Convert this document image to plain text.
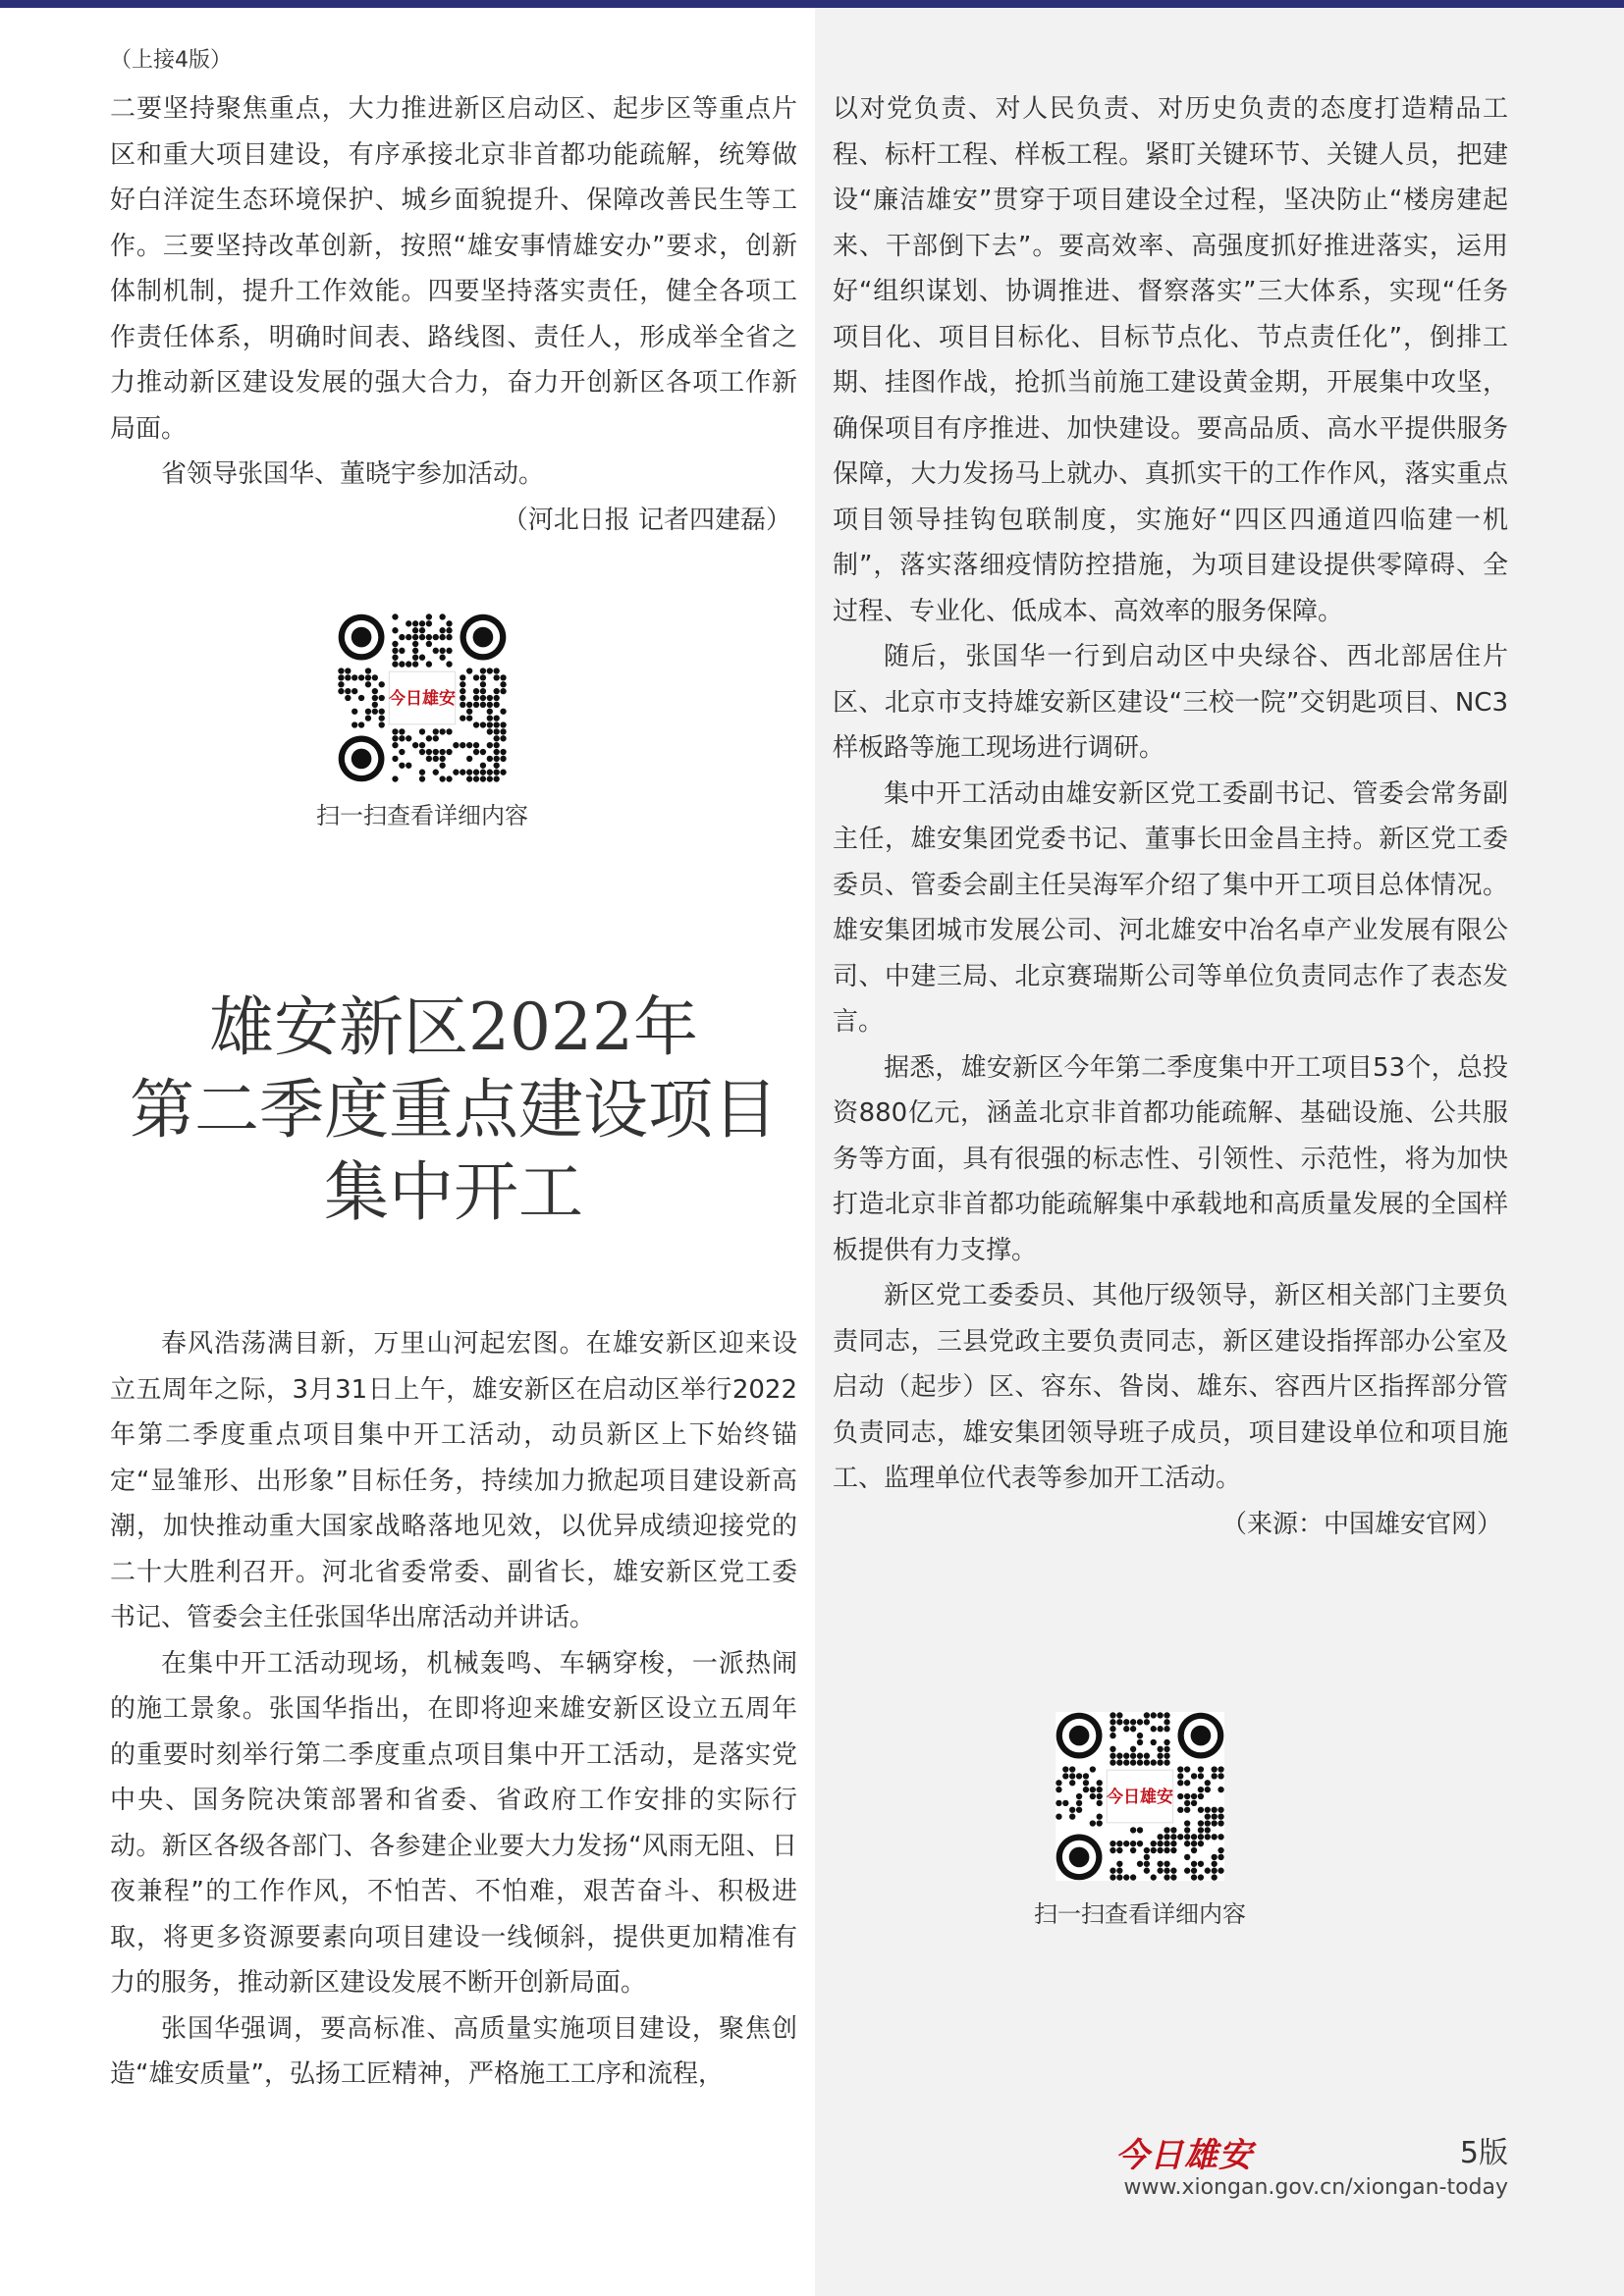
（上接4版）

二要坚持聚焦重点，大力推进新区启动区、起步区等重点片区和重大项目建设，有序承接北京非首都功能疏解，统筹做好白洋淀生态环境保护、城乡面貌提升、保障改善民生等工作。三要坚持改革创新，按照“雄安事情雄安办”要求，创新体制机制，提升工作效能。四要坚持落实责任，健全各项工作责任体系，明确时间表、路线图、责任人，形成举全省之力推动新区建设发展的强大合力，奋力开创新区各项工作新局面。

省领导张国华、董晓宇参加活动。

（河北日报 记者四建磊）

今日雄安
扫一扫查看详细内容
雄安新区2022年
第二季度重点建设项目
集中开工

春风浩荡满目新，万里山河起宏图。在雄安新区迎来设立五周年之际，3月31日上午，雄安新区在启动区举行2022年第二季度重点项目集中开工活动，动员新区上下始终锚定“显雏形、出形象”目标任务，持续加力掀起项目建设新高潮，加快推动重大国家战略落地见效，以优异成绩迎接党的二十大胜利召开。河北省委常委、副省长，雄安新区党工委书记、管委会主任张国华出席活动并讲话。

在集中开工活动现场，机械轰鸣、车辆穿梭，一派热闹的施工景象。张国华指出，在即将迎来雄安新区设立五周年的重要时刻举行第二季度重点项目集中开工活动，是落实党中央、国务院决策部署和省委、省政府工作安排的实际行动。新区各级各部门、各参建企业要大力发扬“风雨无阻、日夜兼程”的工作作风，不怕苦、不怕难，艰苦奋斗、积极进取，将更多资源要素向项目建设一线倾斜，提供更加精准有力的服务，推动新区建设发展不断开创新局面。

张国华强调，要高标准、高质量实施项目建设，聚焦创造“雄安质量”，弘扬工匠精神，严格施工工序和流程，

以对党负责、对人民负责、对历史负责的态度打造精品工程、标杆工程、样板工程。紧盯关键环节、关键人员，把建设“廉洁雄安”贯穿于项目建设全过程，坚决防止“楼房建起来、干部倒下去”。要高效率、高强度抓好推进落实，运用好“组织谋划、协调推进、督察落实”三大体系，实现“任务项目化、项目目标化、目标节点化、节点责任化”，倒排工期、挂图作战，抢抓当前施工建设黄金期，开展集中攻坚，确保项目有序推进、加快建设。要高品质、高水平提供服务保障，大力发扬马上就办、真抓实干的工作作风，落实重点项目领导挂钩包联制度，实施好“四区四通道四临建一机制”，落实落细疫情防控措施，为项目建设提供零障碍、全过程、专业化、低成本、高效率的服务保障。

随后，张国华一行到启动区中央绿谷、西北部居住片区、北京市支持雄安新区建设“三校一院”交钥匙项目、NC3样板路等施工现场进行调研。

集中开工活动由雄安新区党工委副书记、管委会常务副主任，雄安集团党委书记、董事长田金昌主持。新区党工委委员、管委会副主任吴海军介绍了集中开工项目总体情况。雄安集团城市发展公司、河北雄安中冶名卓产业发展有限公司、中建三局、北京赛瑞斯公司等单位负责同志作了表态发言。

据悉，雄安新区今年第二季度集中开工项目53个，总投资880亿元，涵盖北京非首都功能疏解、基础设施、公共服务等方面，具有很强的标志性、引领性、示范性，将为加快打造北京非首都功能疏解集中承载地和高质量发展的全国样板提供有力支撑。

新区党工委委员、其他厅级领导，新区相关部门主要负责同志，三县党政主要负责同志，新区建设指挥部办公室及启动（起步）区、容东、昝岗、雄东、容西片区指挥部分管负责同志，雄安集团领导班子成员，项目建设单位和项目施工、监理单位代表等参加开工活动。

（来源：中国雄安官网）

今日雄安
扫一扫查看详细内容
今日雄安	5版
www.xiongan.gov.cn/xiongan-today
